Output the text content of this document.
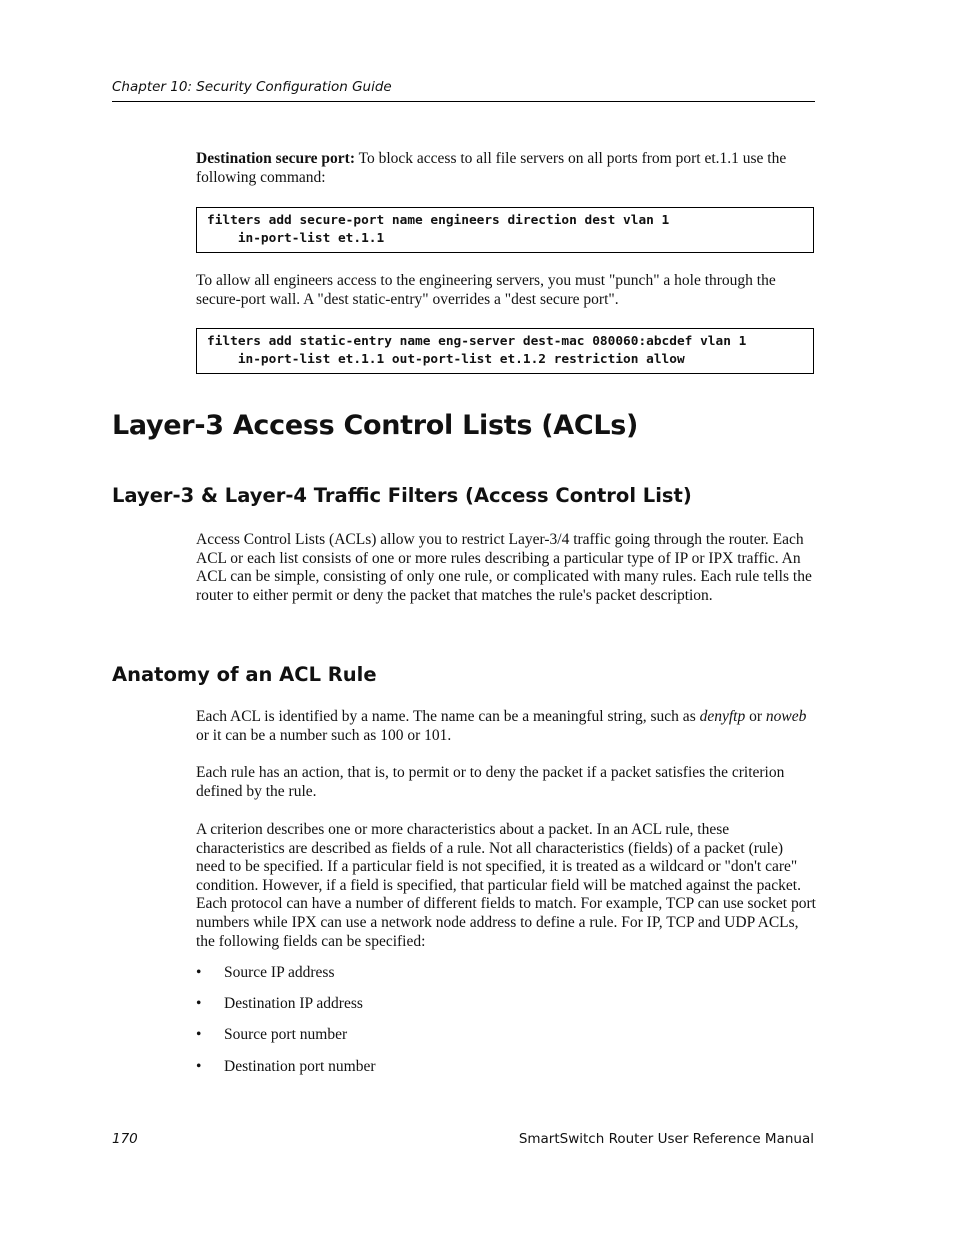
Chapter 10: Security Configuration Guide
Destination secure port: To block access to all file servers on all ports from port et.1.1 use the following command:
filters add secure-port name engineers direction dest vlan 1
in-port-list et.1.1
To allow all engineers access to the engineering servers, you must "punch" a hole through the secure-port wall. A "dest static-entry" overrides a "dest secure port".
filters add static-entry name eng-server dest-mac 080060:abcdef vlan 1
in-port-list et.1.1 out-port-list et.1.2 restriction allow
Layer-3 Access Control Lists (ACLs)
Layer-3 & Layer-4 Traffic Filters (Access Control List)
Access Control Lists (ACLs) allow you to restrict Layer-3/4 traffic going through the router. Each ACL or each list consists of one or more rules describing a particular type of IP or IPX traffic. An ACL can be simple, consisting of only one rule, or complicated with many rules. Each rule tells the router to either permit or deny the packet that matches the rule's packet description.
Anatomy of an ACL Rule
Each ACL is identified by a name. The name can be a meaningful string, such as denyftp or noweb or it can be a number such as 100 or 101.
Each rule has an action, that is, to permit or to deny the packet if a packet satisfies the criterion defined by the rule.
A criterion describes one or more characteristics about a packet. In an ACL rule, these characteristics are described as fields of a rule. Not all characteristics (fields) of a packet (rule) need to be specified. If a particular field is not specified, it is treated as a wildcard or "don't care" condition. However, if a field is specified, that particular field will be matched against the packet. Each protocol can have a number of different fields to match. For example, TCP can use socket port numbers while IPX can use a network node address to define a rule. For IP, TCP and UDP ACLs, the following fields can be specified:
• Source IP address
• Destination IP address
• Source port number
• Destination port number
170	SmartSwitch Router User Reference Manual
